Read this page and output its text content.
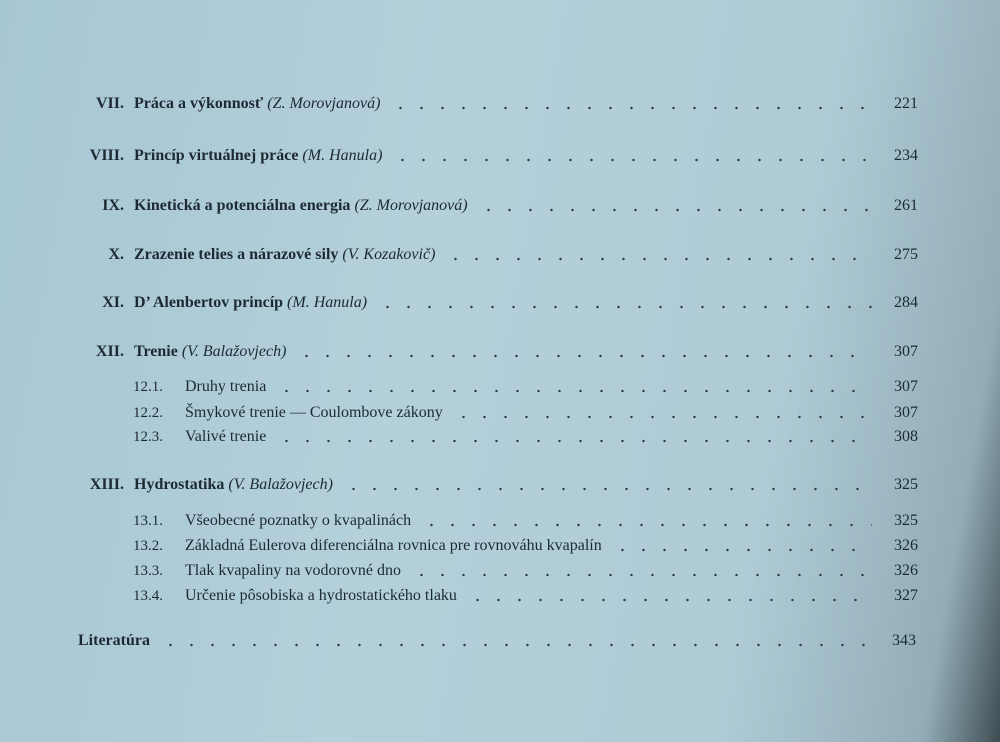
VII. Práca a výkonnosť (Z. Morovjanová)	221
VIII. Princíp virtuálnej práce (M. Hanula)	234
IX. Kinetická a potenciálna energia (Z. Morovjanová)	261
X. Zrazenie telies a nárazové sily (V. Kozakovič)	275
XI. D’ Alenbertov princíp (M. Hanula)	284
XII. Trenie (V. Balažovjech)	307
12.1.	Druhy trenia	307
12.2.	Šmykové trenie — Coulombove zákony	307
12.3.	Valivé trenie	308
XIII. Hydrostatika (V. Balažovjech)	325
13.1.	Všeobecné poznatky o kvapalinách	325
13.2.	Základná Eulerova diferenciálna rovnica pre rovnováhu kvapalín	326
13.3.	Tlak kvapaliny na vodorovné dno	326
13.4.	Určenie pôsobiska a hydrostatického tlaku	327
Literatúra	343
